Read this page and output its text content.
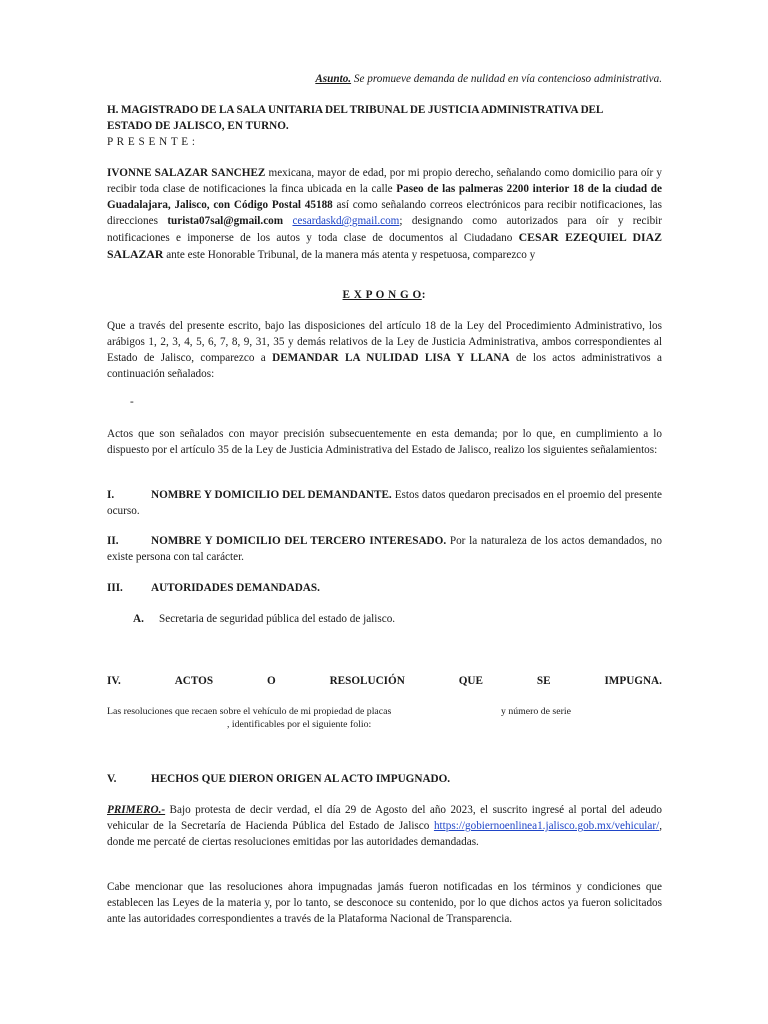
Asunto. Se promueve demanda de nulidad en vía contencioso administrativa.
H. MAGISTRADO DE LA SALA UNITARIA DEL TRIBUNAL DE JUSTICIA ADMINISTRATIVA DEL
ESTADO DE JALISCO, EN TURNO.
P R E S E N T E :
IVONNE SALAZAR SANCHEZ mexicana, mayor de edad, por mi propio derecho, señalando como domicilio para oír y recibir toda clase de notificaciones la finca ubicada en la calle Paseo de las palmeras 2200 interior 18 de la ciudad de Guadalajara, Jalisco, con Código Postal 45188 así como señalando correos electrónicos para recibir notificaciones, las direcciones turista07sal@gmail.com cesardaskd@gmail.com; designando como autorizados para oír y recibir notificaciones e imponerse de los autos y toda clase de documentos al Ciudadano CESAR EZEQUIEL DIAZ SALAZAR ante este Honorable Tribunal, de la manera más atenta y respetuosa, comparezco y
E X P O N G O:
Que a través del presente escrito, bajo las disposiciones del artículo 18 de la Ley del Procedimiento Administrativo, los arábigos 1, 2, 3, 4, 5, 6, 7, 8, 9, 31, 35 y demás relativos de la Ley de Justicia Administrativa, ambos correspondientes al Estado de Jalisco, comparezco a DEMANDAR LA NULIDAD LISA Y LLANA de los actos administrativos a continuación señalados:
-
Actos que son señalados con mayor precisión subsecuentemente en esta demanda; por lo que, en cumplimiento a lo dispuesto por el artículo 35 de la Ley de Justicia Administrativa del Estado de Jalisco, realizo los siguientes señalamientos:
I.	NOMBRE Y DOMICILIO DEL DEMANDANTE. Estos datos quedaron precisados en el proemio del presente ocurso.
II.	NOMBRE Y DOMICILIO DEL TERCERO INTERESADO. Por la naturaleza de los actos demandados, no existe persona con tal carácter.
III.	AUTORIDADES DEMANDADAS.
A. Secretaria de seguridad pública del estado de jalisco.
IV.	ACTOS	O	RESOLUCIÓN	QUE	SE	IMPUGNA.
Las resoluciones que recaen sobre el vehículo de mi propiedad de placas	y número de serie
, identificables por el siguiente folio:
V.	HECHOS QUE DIERON ORIGEN AL ACTO IMPUGNADO.
PRIMERO.- Bajo protesta de decir verdad, el día 29 de Agosto del año 2023, el suscrito ingresé al portal del adeudo vehicular de la Secretaría de Hacienda Pública del Estado de Jalisco https://gobiernoenlinea1.jalisco.gob.mx/vehicular/, donde me percaté de ciertas resoluciones emitidas por las autoridades demandadas.
Cabe mencionar que las resoluciones ahora impugnadas jamás fueron notificadas en los términos y condiciones que establecen las Leyes de la materia y, por lo tanto, se desconoce su contenido, por lo que dichos actos ya fueron solicitados ante las autoridades correspondientes a través de la Plataforma Nacional de Transparencia.
